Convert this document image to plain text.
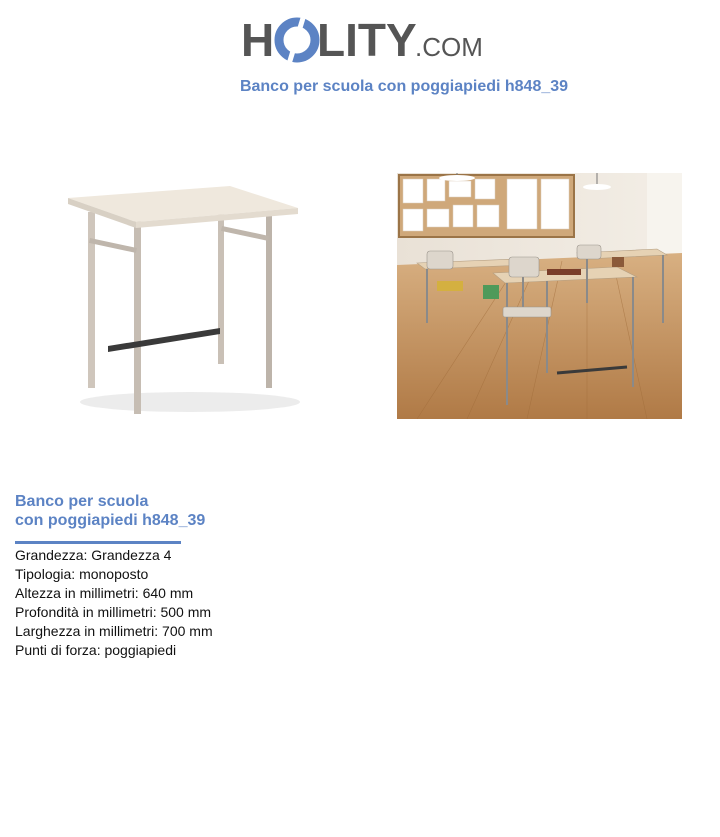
H LITY
.COM
Banco per scuola con poggiapiedi h848_39
Banco per scuola
con poggiapiedi h848_39
Grandezza: Grandezza 4
Tipologia: monoposto
Altezza in millimetri: 640 mm
Profondità in millimetri: 500 mm
Larghezza in millimetri: 700 mm
Punti di forza: poggiapiedi
